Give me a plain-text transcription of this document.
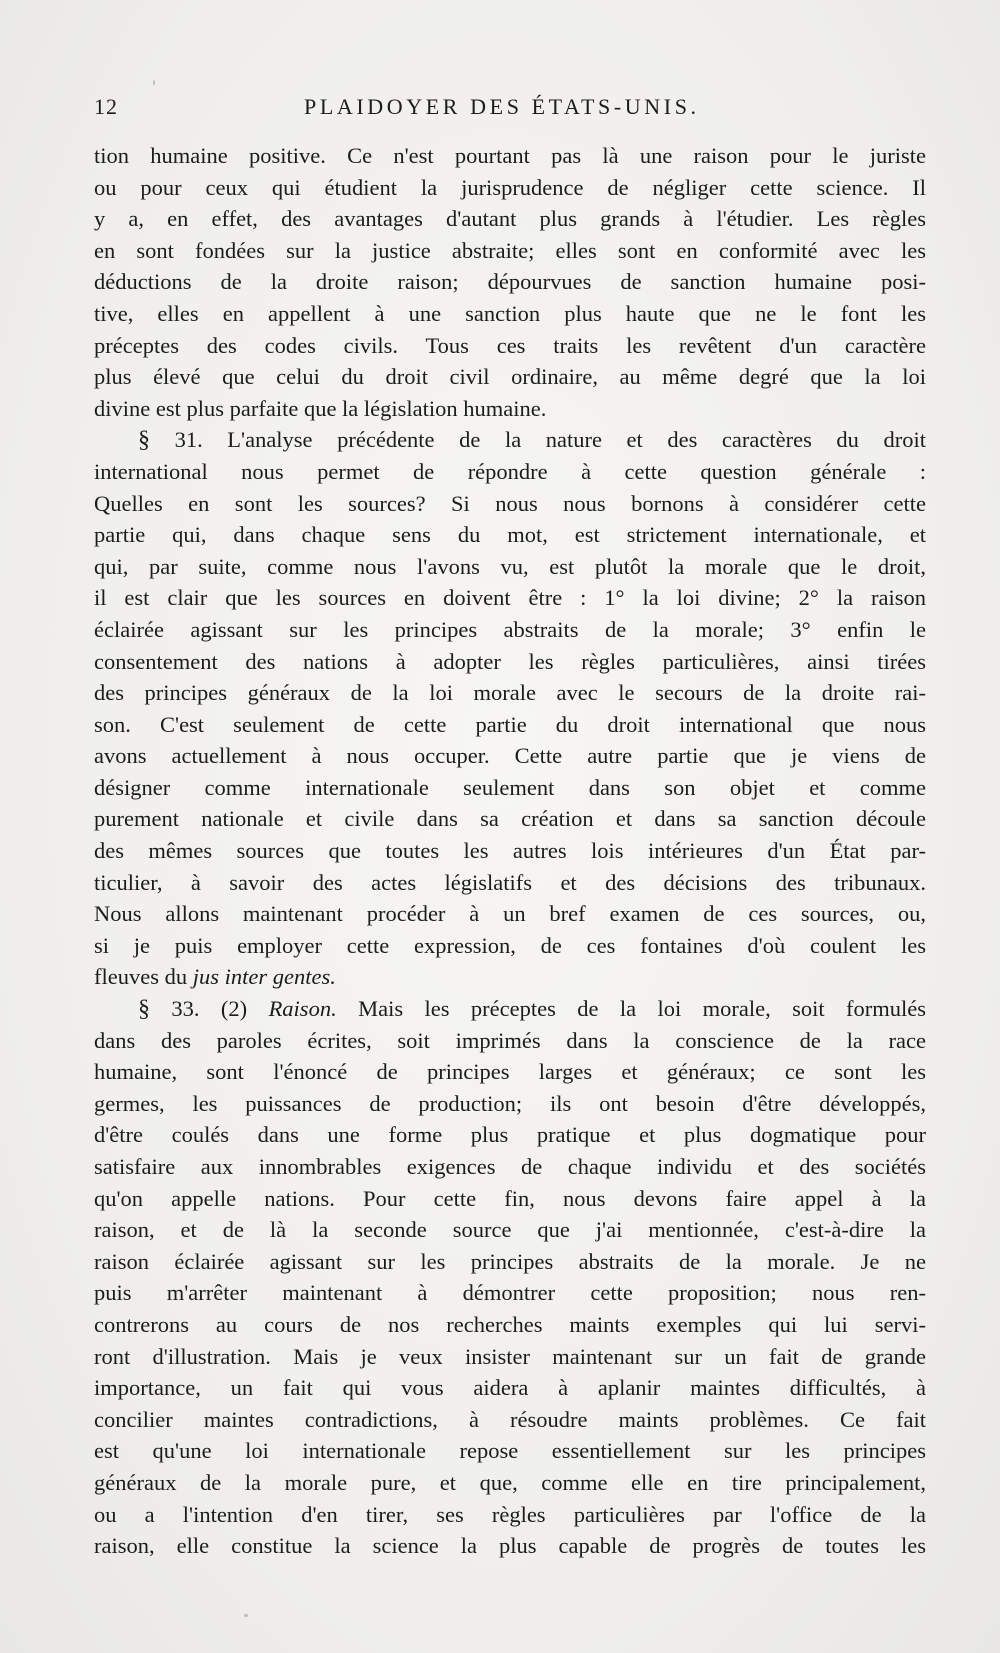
12	PLAIDOYER DES ÉTATS-UNIS.
tion humaine positive. Ce n'est pourtant pas là une raison pour le juriste
ou pour ceux qui étudient la jurisprudence de négliger cette science. Il
y a, en effet, des avantages d'autant plus grands à l'étudier. Les règles
en sont fondées sur la justice abstraite; elles sont en conformité avec les
déductions de la droite raison; dépourvues de sanction humaine posi-
tive, elles en appellent à une sanction plus haute que ne le font les
préceptes des codes civils. Tous ces traits les revêtent d'un caractère
plus élevé que celui du droit civil ordinaire, au même degré que la loi
divine est plus parfaite que la législation humaine.
§ 31. L'analyse précédente de la nature et des caractères du droit
international nous permet de répondre à cette question générale :
Quelles en sont les sources? Si nous nous bornons à considérer cette
partie qui, dans chaque sens du mot, est strictement internationale, et
qui, par suite, comme nous l'avons vu, est plutôt la morale que le droit,
il est clair que les sources en doivent être : 1° la loi divine; 2° la raison
éclairée agissant sur les principes abstraits de la morale; 3° enfin le
consentement des nations à adopter les règles particulières, ainsi tirées
des principes généraux de la loi morale avec le secours de la droite rai-
son. C'est seulement de cette partie du droit international que nous
avons actuellement à nous occuper. Cette autre partie que je viens de
désigner comme internationale seulement dans son objet et comme
purement nationale et civile dans sa création et dans sa sanction découle
des mêmes sources que toutes les autres lois intérieures d'un État par-
ticulier, à savoir des actes législatifs et des décisions des tribunaux.
Nous allons maintenant procéder à un bref examen de ces sources, ou,
si je puis employer cette expression, de ces fontaines d'où coulent les
fleuves du jus inter gentes.
§ 33. (2) Raison. Mais les préceptes de la loi morale, soit formulés
dans des paroles écrites, soit imprimés dans la conscience de la race
humaine, sont l'énoncé de principes larges et généraux; ce sont les
germes, les puissances de production; ils ont besoin d'être développés,
d'être coulés dans une forme plus pratique et plus dogmatique pour
satisfaire aux innombrables exigences de chaque individu et des sociétés
qu'on appelle nations. Pour cette fin, nous devons faire appel à la
raison, et de là la seconde source que j'ai mentionnée, c'est-à-dire la
raison éclairée agissant sur les principes abstraits de la morale. Je ne
puis m'arrêter maintenant à démontrer cette proposition; nous ren-
contrerons au cours de nos recherches maints exemples qui lui servi-
ront d'illustration. Mais je veux insister maintenant sur un fait de grande
importance, un fait qui vous aidera à aplanir maintes difficultés, à
concilier maintes contradictions, à résoudre maints problèmes. Ce fait
est qu'une loi internationale repose essentiellement sur les principes
généraux de la morale pure, et que, comme elle en tire principalement,
ou a l'intention d'en tirer, ses règles particulières par l'office de la
raison, elle constitue la science la plus capable de progrès de toutes les
